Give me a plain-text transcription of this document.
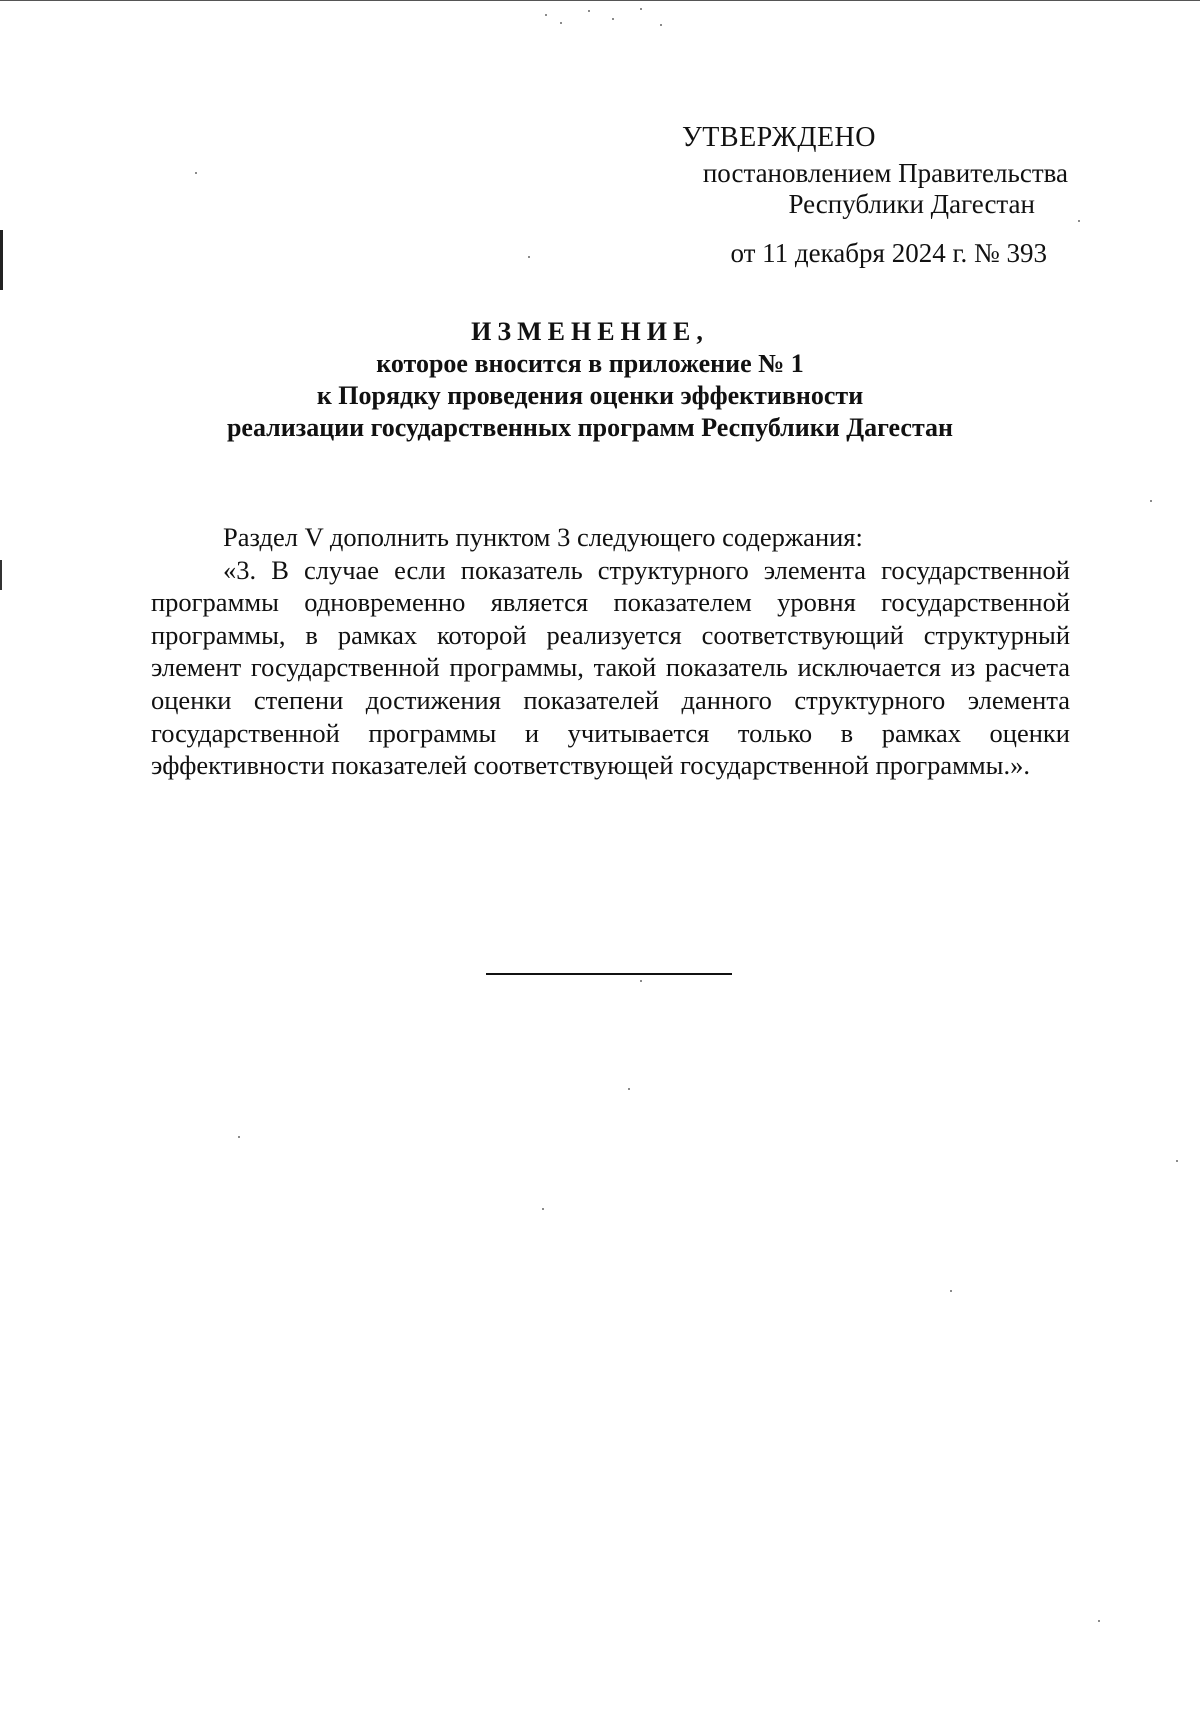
УТВЕРЖДЕНО
постановлением Правительства
Республики Дагестан
от 11 декабря 2024 г. № 393
ИЗМЕНЕНИЕ,
которое вносится в приложение № 1
к Порядку проведения оценки эффективности
реализации государственных программ Республики Дагестан

Раздел V дополнить пунктом 3 следующего содержания:

«3. В случае если показатель структурного элемента государственной программы одновременно является показателем уровня государственной программы, в рамках которой реализуется соответствующий структурный элемент государственной программы, такой показатель исключается из расчета оценки степени достижения показателей данного структурного элемента государственной программы и учитывается только в рамках оценки эффективности показателей соответствующей государственной программы.».
